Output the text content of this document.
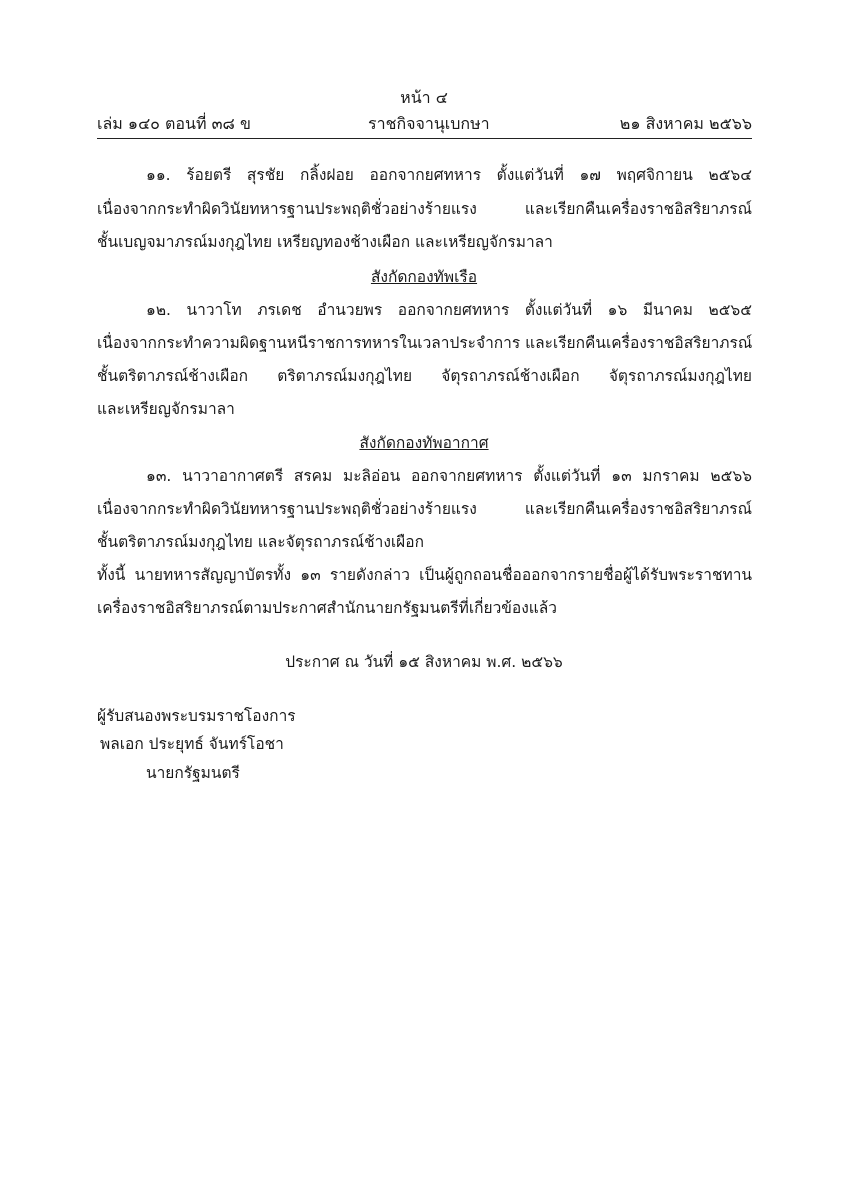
หน้า ๔
เล่ม ๑๔๐ ตอนที่ ๓๘ ข	ราชกิจจานุเบกษา	๒๑ สิงหาคม ๒๕๖๖
๑๑. ร้อยตรี สุรชัย กลิ้งฝอย ออกจากยศทหาร ตั้งแต่วันที่ ๑๗ พฤศจิกายน ๒๕๖๔
เนื่องจากกระทำผิดวินัยทหารฐานประพฤติชั่วอย่างร้ายแรง และเรียกคืนเครื่องราชอิสริยาภรณ์
ชั้นเบญจมาภรณ์มงกุฎไทย เหรียญทองช้างเผือก และเหรียญจักรมาลา
สังกัดกองทัพเรือ
๑๒. นาวาโท ภรเดช อำนวยพร ออกจากยศทหาร ตั้งแต่วันที่ ๑๖ มีนาคม ๒๕๖๕
เนื่องจากกระทำความผิดฐานหนีราชการทหารในเวลาประจำการ และเรียกคืนเครื่องราชอิสริยาภรณ์
ชั้นตริตาภรณ์ช้างเผือก ตริตาภรณ์มงกุฎไทย จัตุรถาภรณ์ช้างเผือก จัตุรถาภรณ์มงกุฎไทย
และเหรียญจักรมาลา
สังกัดกองทัพอากาศ
๑๓. นาวาอากาศตรี สรคม มะลิอ่อน ออกจากยศทหาร ตั้งแต่วันที่ ๑๓ มกราคม ๒๕๖๖
เนื่องจากกระทำผิดวินัยทหารฐานประพฤติชั่วอย่างร้ายแรง และเรียกคืนเครื่องราชอิสริยาภรณ์
ชั้นตริตาภรณ์มงกุฎไทย และจัตุรถาภรณ์ช้างเผือก
ทั้งนี้ นายทหารสัญญาบัตรทั้ง ๑๓ รายดังกล่าว เป็นผู้ถูกถอนชื่อออกจากรายชื่อผู้ได้รับพระราชทาน
เครื่องราชอิสริยาภรณ์ตามประกาศสำนักนายกรัฐมนตรีที่เกี่ยวข้องแล้ว
ประกาศ ณ วันที่ ๑๕ สิงหาคม พ.ศ. ๒๕๖๖
ผู้รับสนองพระบรมราชโองการ
พลเอก ประยุทธ์ จันทร์โอชา
นายกรัฐมนตรี
